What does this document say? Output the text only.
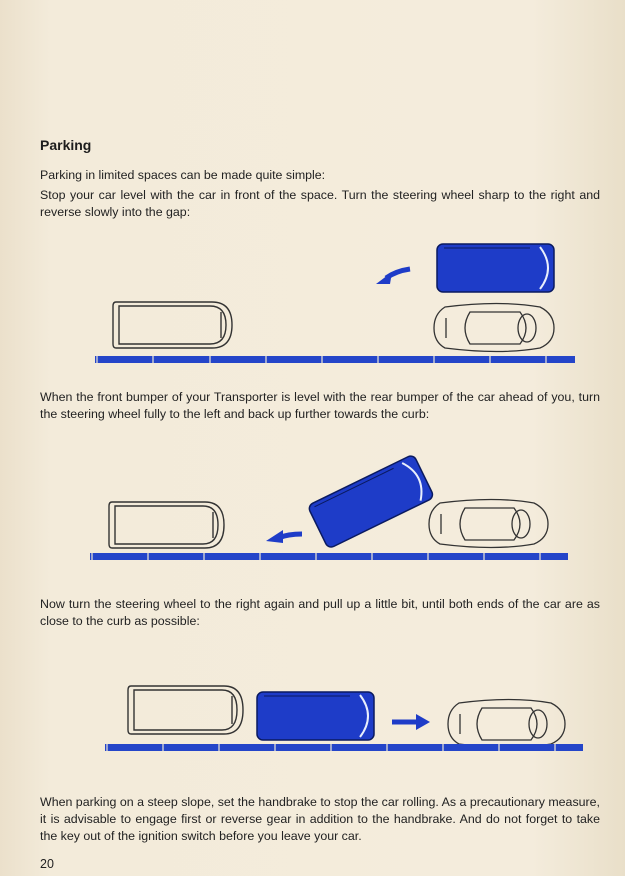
Parking
Parking in limited spaces can be made quite simple:
Stop your car level with the car in front of the space. Turn the steering wheel sharp to the right and reverse slowly into the gap:
When the front bumper of your Transporter is level with the rear bumper of the car ahead of you, turn the steering wheel fully to the left and back up further towards the curb:
Now turn the steering wheel to the right again and pull up a little bit, until both ends of the car are as close to the curb as possible:
When parking on a steep slope, set the handbrake to stop the car rolling. As a precautionary measure, it is advisable to engage first or reverse gear in addition to the handbrake. And do not forget to take the key out of the ignition switch before you leave your car.
20
